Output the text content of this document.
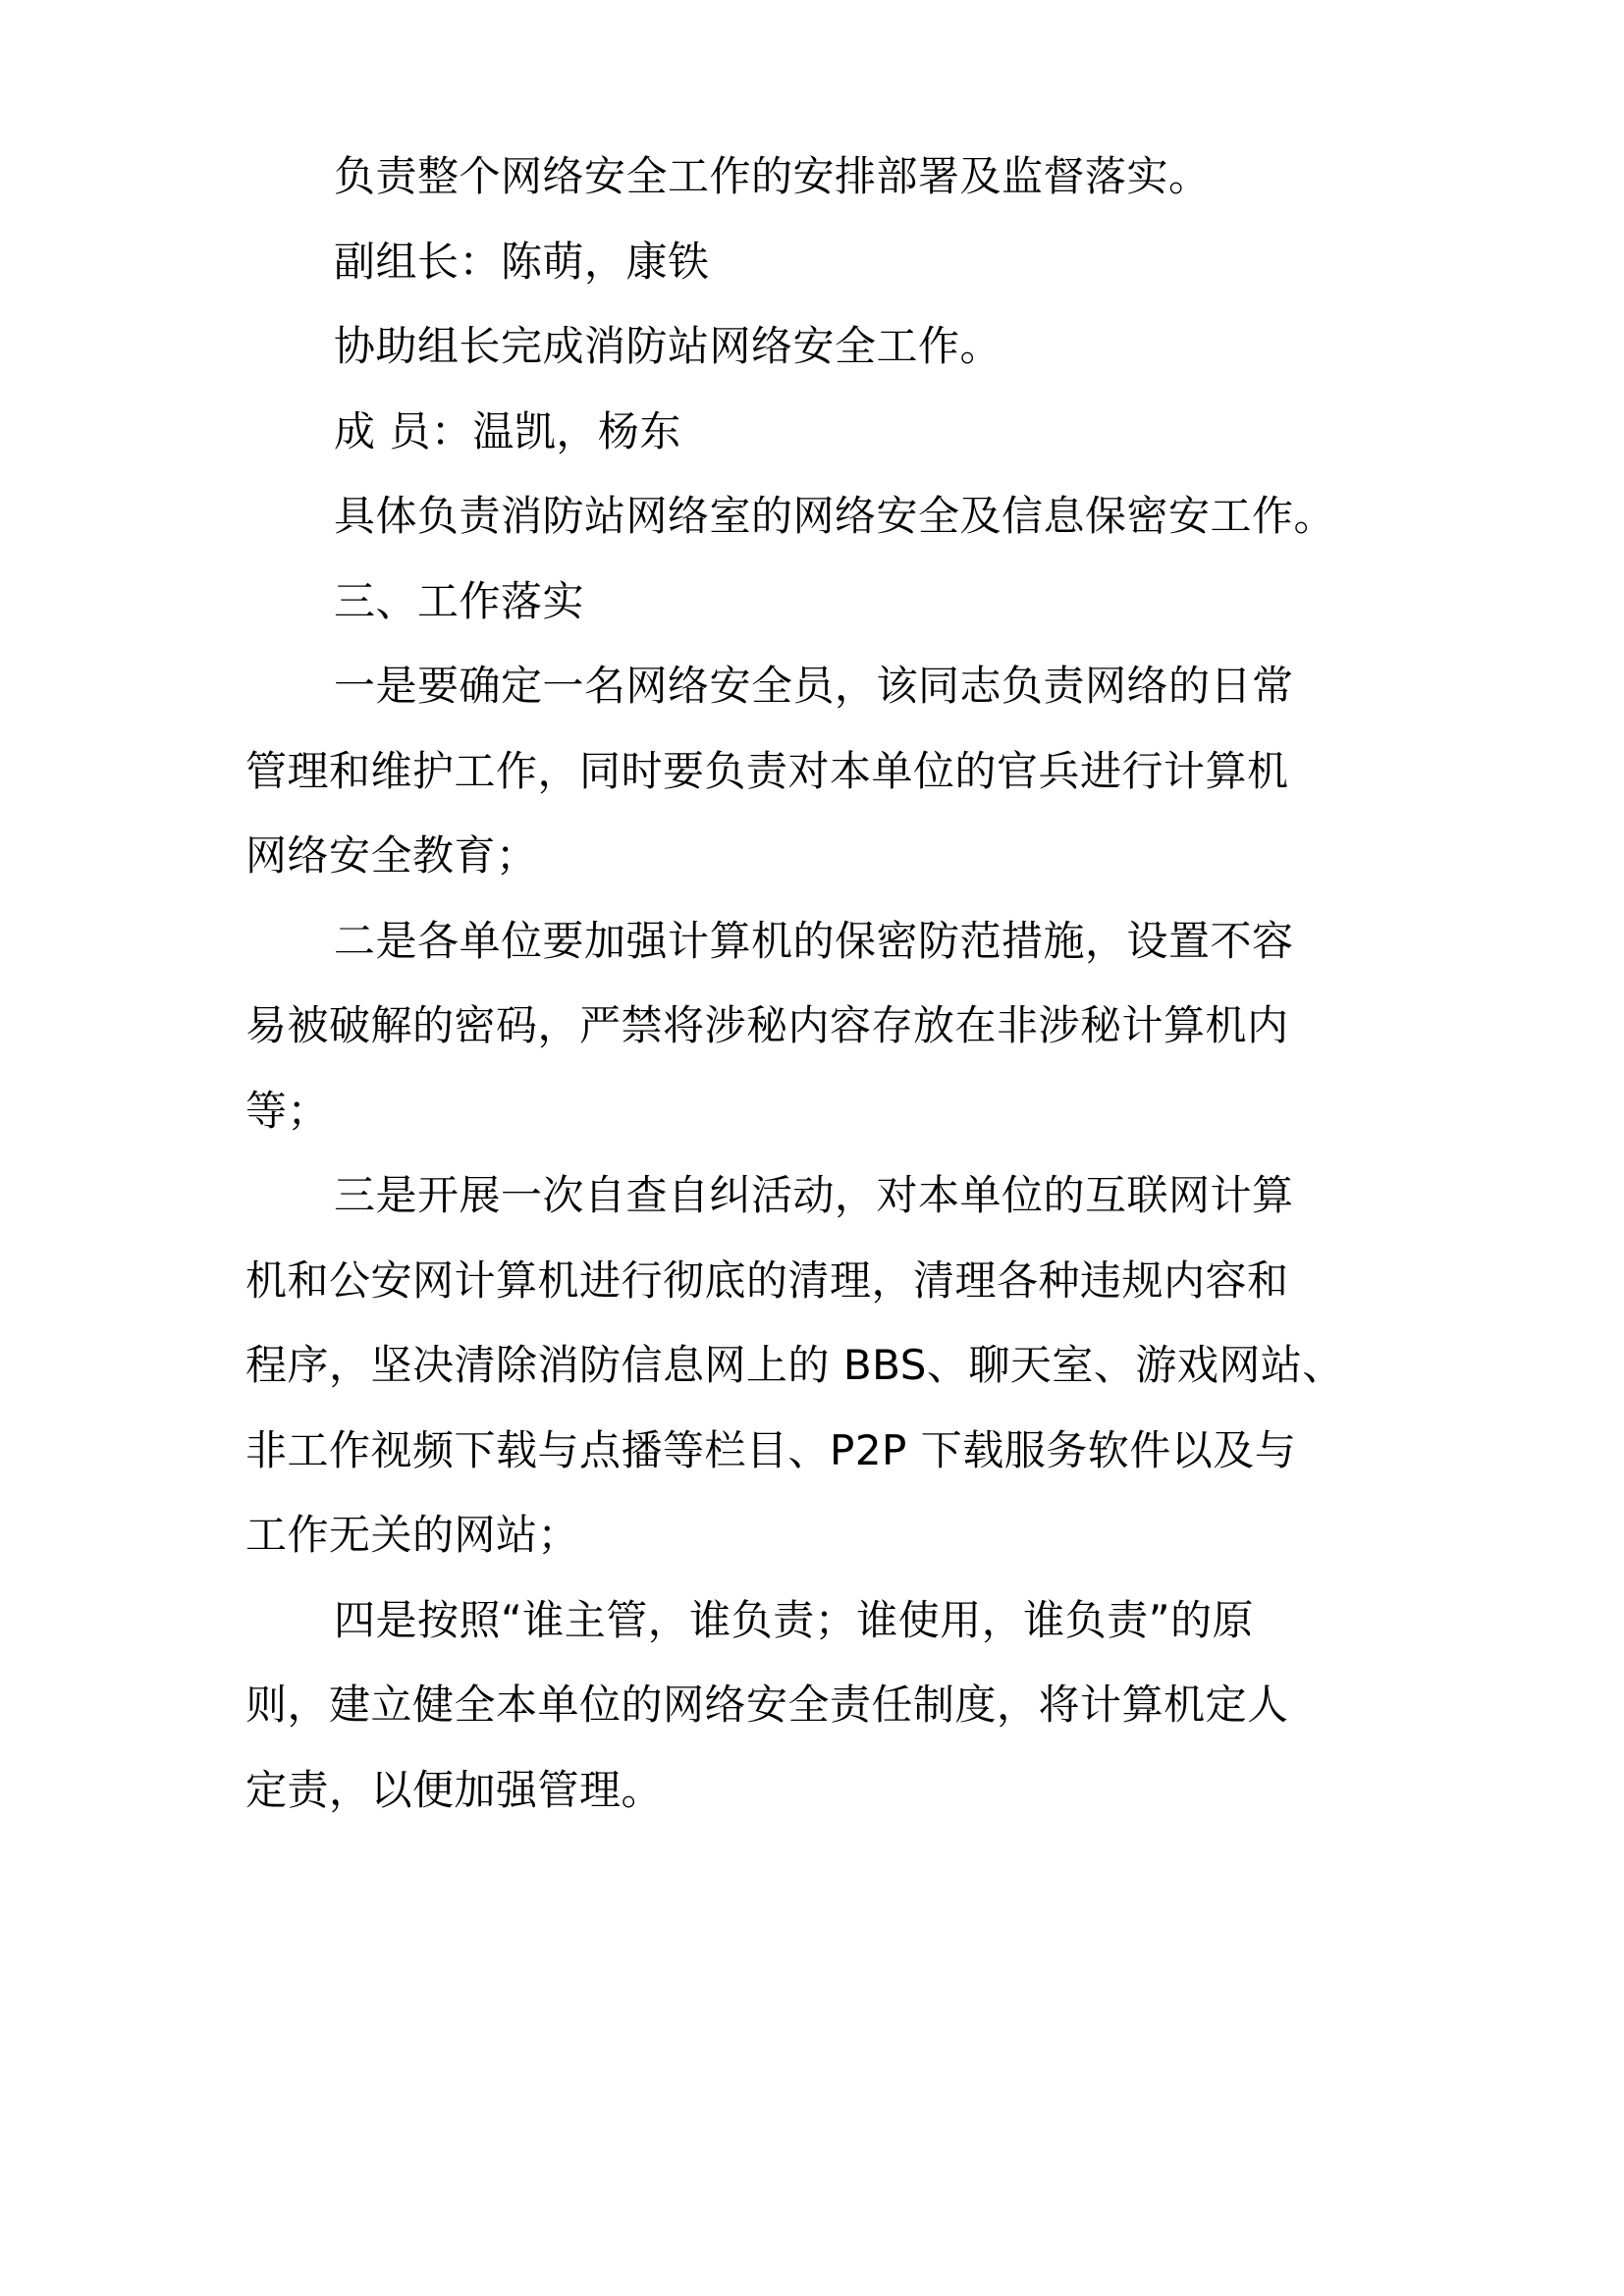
负责整个网络安全工作的安排部署及监督落实。
副组长：陈萌，康铁
协助组长完成消防站网络安全工作。
成 员：温凯，杨东
具体负责消防站网络室的网络安全及信息保密安工作。
三、工作落实
一是要确定一名网络安全员，该同志负责网络的日常
管理和维护工作，同时要负责对本单位的官兵进行计算机
网络安全教育；
二是各单位要加强计算机的保密防范措施，设置不容
易被破解的密码，严禁将涉秘内容存放在非涉秘计算机内
等；
三是开展一次自查自纠活动，对本单位的互联网计算
机和公安网计算机进行彻底的清理，清理各种违规内容和
程序，坚决清除消防信息网上的 BBS、聊天室、游戏网站、
非工作视频下载与点播等栏目、P2P 下载服务软件以及与
工作无关的网站；
四是按照“谁主管，谁负责；谁使用，谁负责”的原
则，建立健全本单位的网络安全责任制度，将计算机定人
定责，以便加强管理。
